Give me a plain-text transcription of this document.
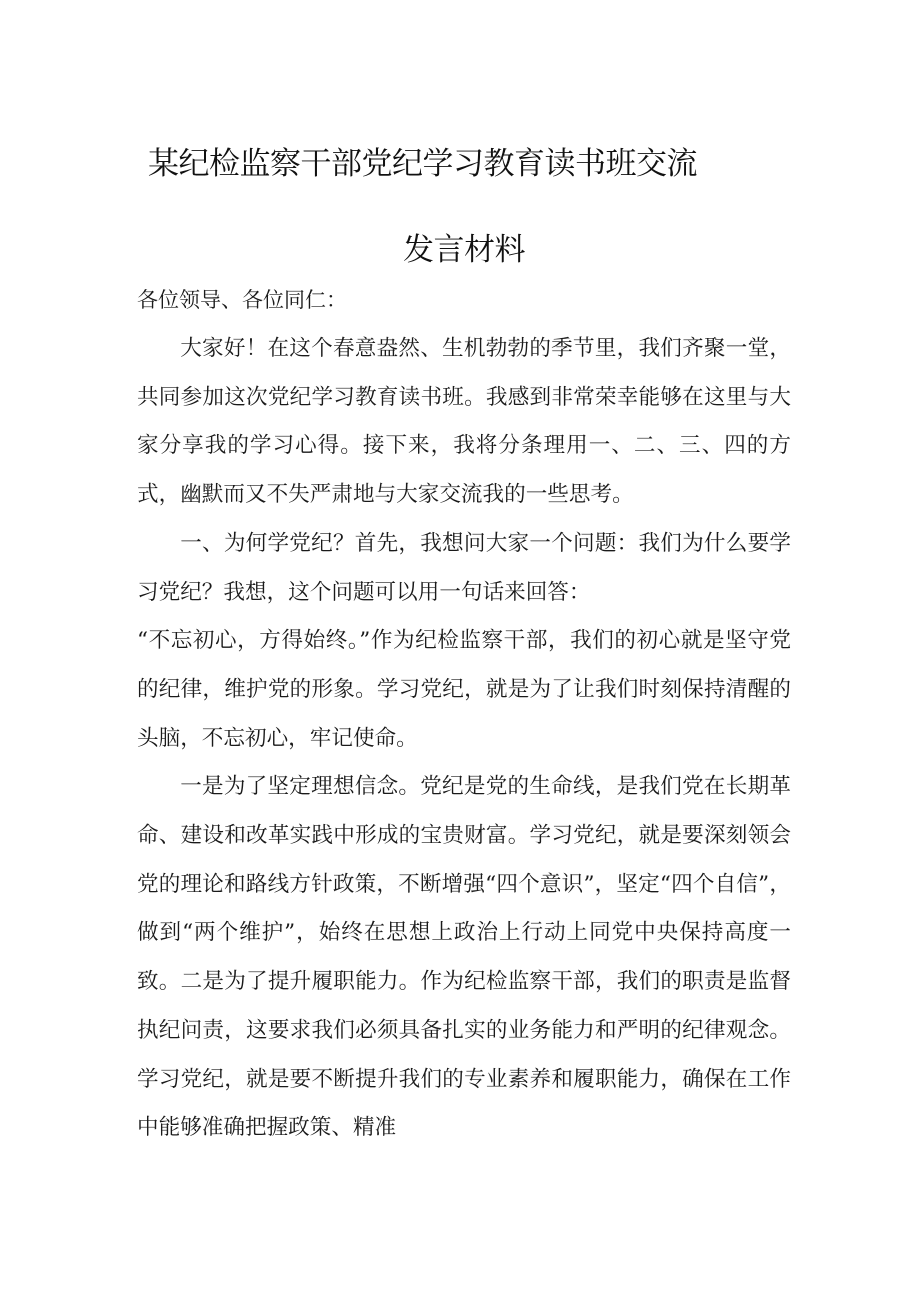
某纪检监察干部党纪学习教育读书班交流
发言材料
各位领导、各位同仁：

大家好！在这个春意盎然、生机勃勃的季节里，我们齐聚一堂，共同参加这次党纪学习教育读书班。我感到非常荣幸能够在这里与大家分享我的学习心得。接下来，我将分条理用一、二、三、四的方式，幽默而又不失严肃地与大家交流我的一些思考。

一、为何学党纪？首先，我想问大家一个问题：我们为什么要学习党纪？我想，这个问题可以用一句话来回答：

“不忘初心，方得始终。”作为纪检监察干部，我们的初心就是坚守党的纪律，维护党的形象。学习党纪，就是为了让我们时刻保持清醒的头脑，不忘初心，牢记使命。

一是为了坚定理想信念。党纪是党的生命线，是我们党在长期革命、建设和改革实践中形成的宝贵财富。学习党纪，就是要深刻领会党的理论和路线方针政策，不断增强“四个意识”，坚定“四个自信”，做到“两个维护”，始终在思想上政治上行动上同党中央保持高度一致。二是为了提升履职能力。作为纪检监察干部，我们的职责是监督执纪问责，这要求我们必须具备扎实的业务能力和严明的纪律观念。学习党纪，就是要不断提升我们的专业素养和履职能力，确保在工作中能够准确把握政策、精准
